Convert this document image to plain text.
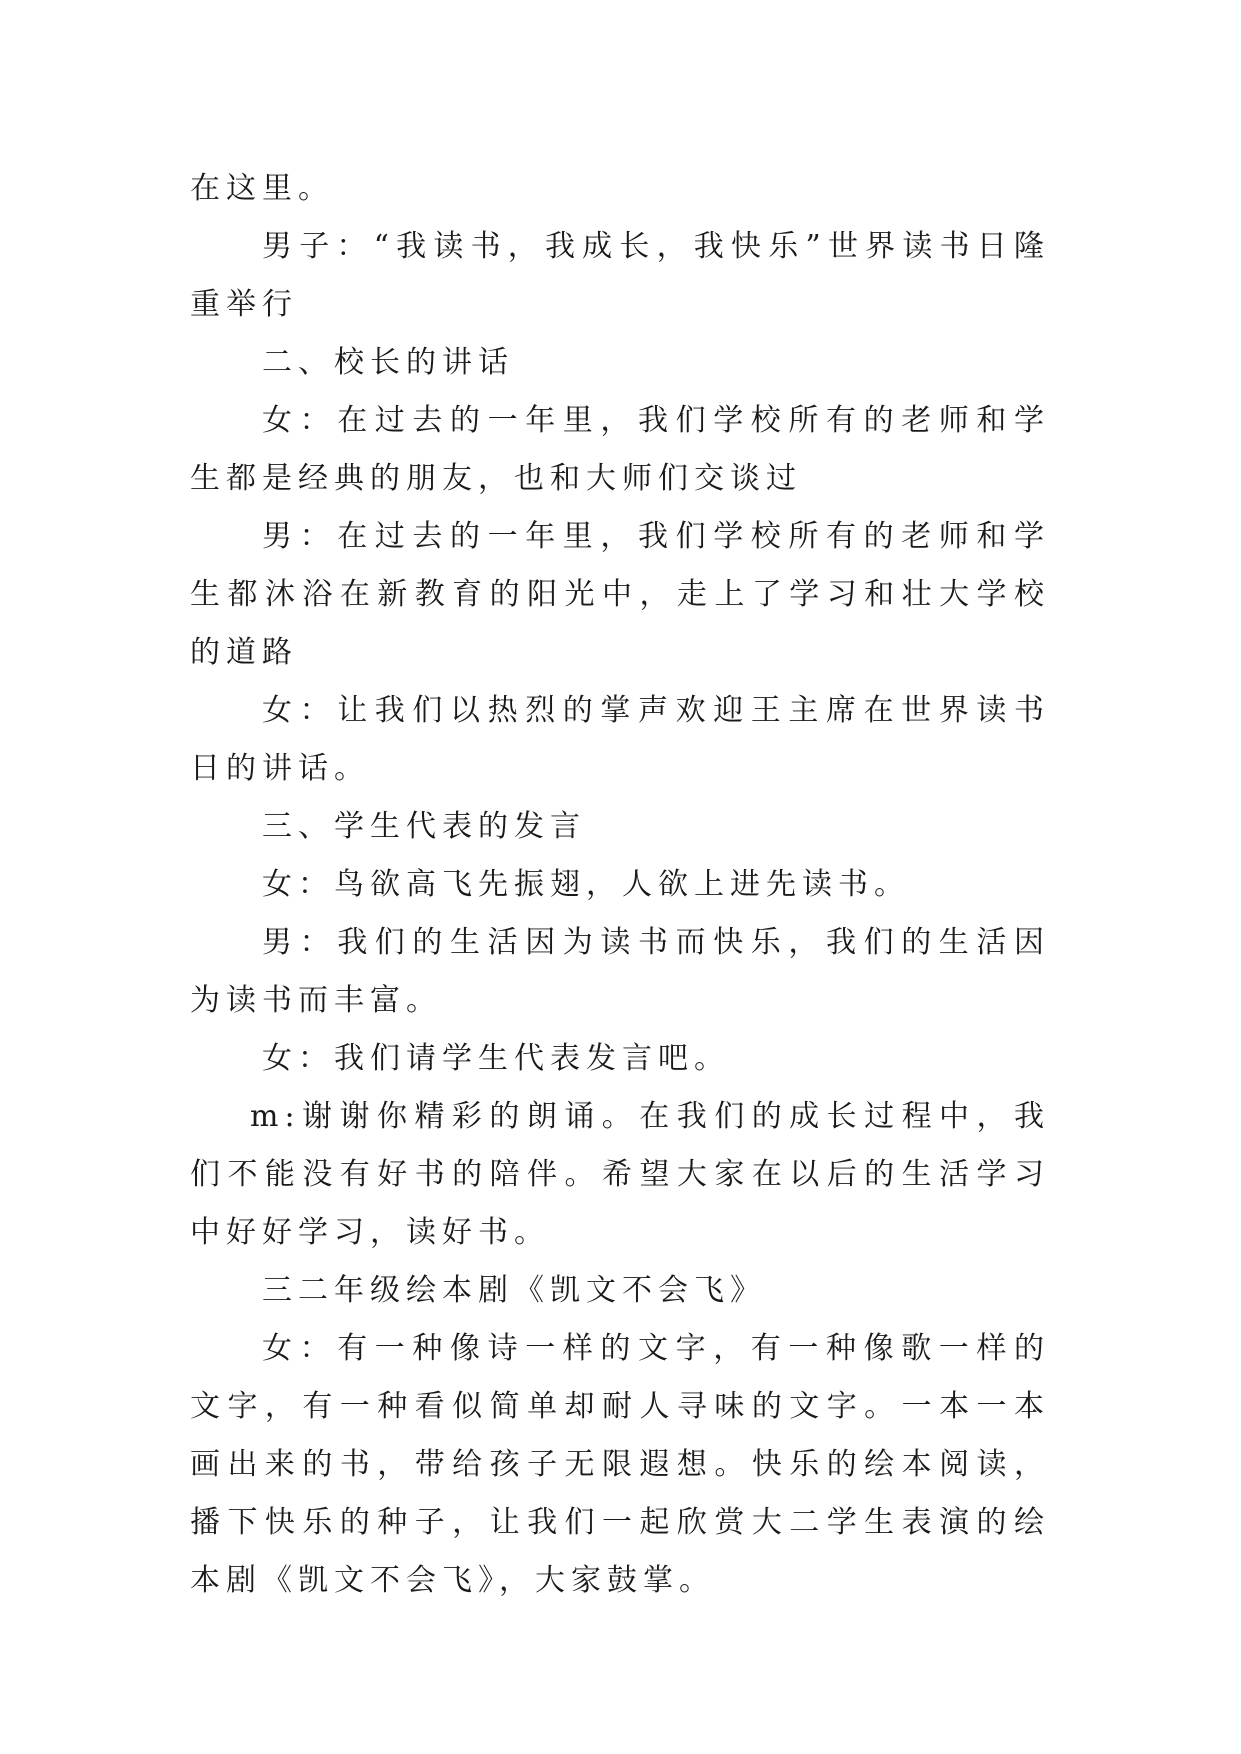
在这里。

男子：“我读书，我成长，我快乐”世界读书日隆重举行

二、校长的讲话

女：在过去的一年里，我们学校所有的老师和学生都是经典的朋友，也和大师们交谈过

男：在过去的一年里，我们学校所有的老师和学生都沐浴在新教育的阳光中，走上了学习和壮大学校的道路

女：让我们以热烈的掌声欢迎王主席在世界读书日的讲话。

三、学生代表的发言

女：鸟欲高飞先振翅，人欲上进先读书。

男：我们的生活因为读书而快乐，我们的生活因为读书而丰富。

女：我们请学生代表发言吧。

m:谢谢你精彩的朗诵。在我们的成长过程中，我们不能没有好书的陪伴。希望大家在以后的生活学习中好好学习，读好书。

三二年级绘本剧《凯文不会飞》

女：有一种像诗一样的文字，有一种像歌一样的文字，有一种看似简单却耐人寻味的文字。一本一本画出来的书，带给孩子无限遐想。快乐的绘本阅读，播下快乐的种子，让我们一起欣赏大二学生表演的绘本剧《凯文不会飞》，大家鼓掌。
